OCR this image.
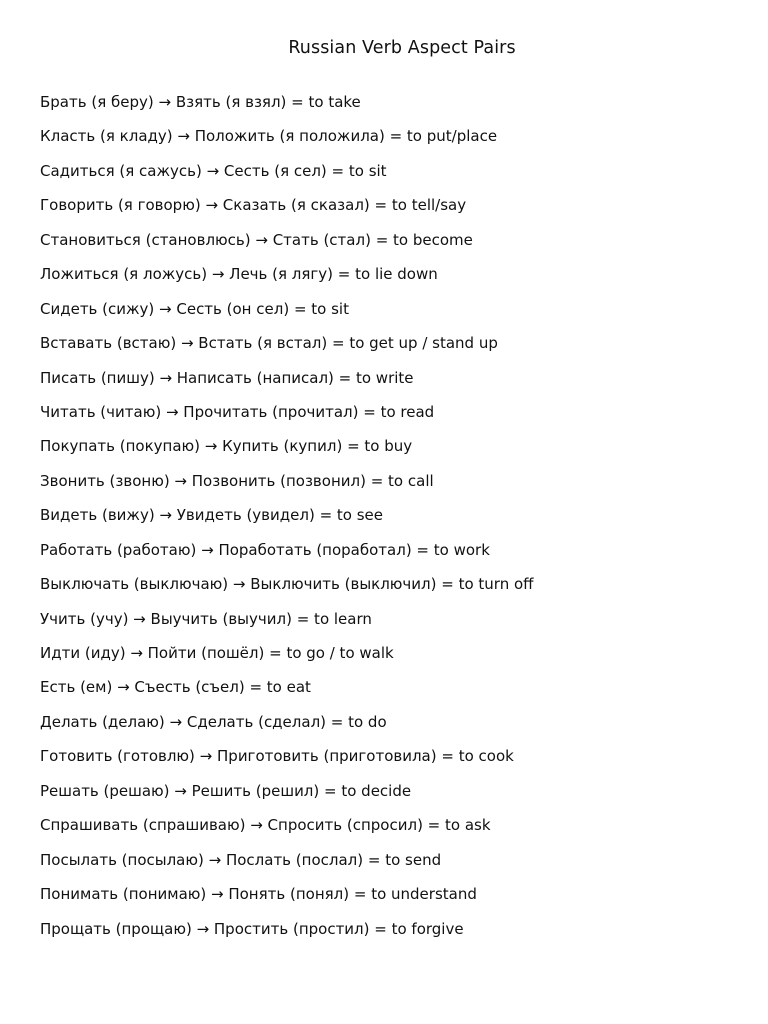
Russian Verb Aspect Pairs
Брать (я беру) → Взять (я взял) = to take
Класть (я кладу) → Положить (я положила) = to put/place
Садиться (я сажусь) → Сесть (я сел) = to sit
Говорить (я говорю) → Сказать (я сказал) = to tell/say
Становиться (становлюсь) → Стать (стал) = to become
Ложиться (я ложусь) → Лечь (я лягу) = to lie down
Сидеть (сижу) → Сесть (он сел) = to sit
Вставать (встаю) → Встать (я встал) = to get up / stand up
Писать (пишу) → Написать (написал) = to write
Читать (читаю) → Прочитать (прочитал) = to read
Покупать (покупаю) → Купить (купил) = to buy
Звонить (звоню) → Позвонить (позвонил) = to call
Видеть (вижу) → Увидеть (увидел) = to see
Работать (работаю) → Поработать (поработал) = to work
Выключать (выключаю) → Выключить (выключил) = to turn off
Учить (учу) → Выучить (выучил) = to learn
Идти (иду) → Пойти (пошёл) = to go / to walk
Есть (ем) → Съесть (съел) = to eat
Делать (делаю) → Сделать (сделал) = to do
Готовить (готовлю) → Приготовить (приготовила) = to cook
Решать (решаю) → Решить (решил) = to decide
Спрашивать (спрашиваю) → Спросить (спросил) = to ask
Посылать (посылаю) → Послать (послал) = to send
Понимать (понимаю) → Понять (понял) = to understand
Прощать (прощаю) → Простить (простил) = to forgive
